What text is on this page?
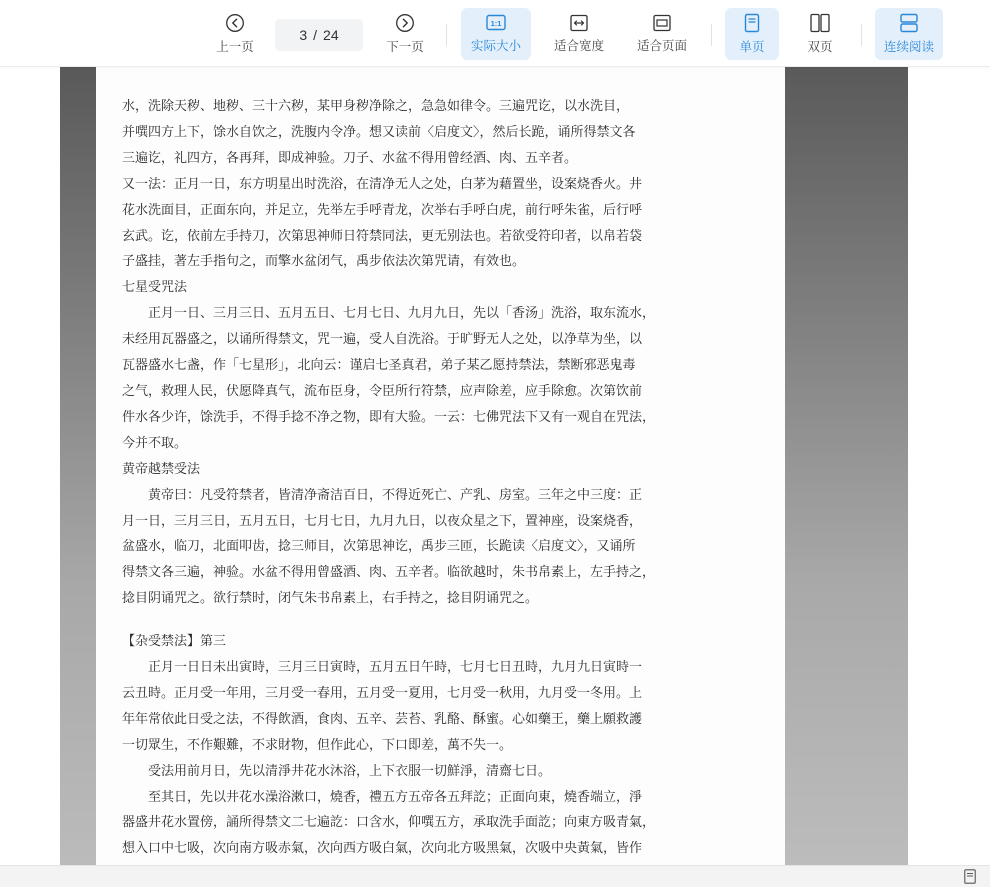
上一页
3 / 24
下一页
1:1
实际大小	适合宽度	适合页面	单页	双页	连续阅读

水，洗除天秽、地秽、三十六秽，某甲身秽净除之，急急如律令。三遍咒讫，以水洗目，

并噀四方上下，馀水自饮之，洗腹内令净。想又读前〈启度文〉，然后长跪，诵所得禁文各

三遍讫，礼四方，各再拜，即成神验。刀子、水盆不得用曾经酒、肉、五辛者。

又一法：正月一日，东方明星出时洗浴，在清净无人之处，白茅为藉置坐，设案烧香火。井

花水洗面目，正面东向，并足立，先举左手呼青龙，次举右手呼白虎，前行呼朱雀，后行呼

玄武。讫，依前左手持刀，次第思神师日符禁同法，更无别法也。若欲受符印者，以帛若袋

子盛挂，著左手指句之，而擎水盆闭气，禹步依法次第咒请，有效也。

七星受咒法

正月一日、三月三日、五月五日、七月七日、九月九日，先以「香汤」洗浴，取东流水，

未经用瓦器盛之，以诵所得禁文，咒一遍，受人自洗浴。于旷野无人之处，以净草为坐，以

瓦器盛水七盏，作「七星形」，北向云：谨启七圣真君，弟子某乙愿持禁法，禁断邪恶鬼毒

之气，救理人民，伏愿降真气，流布臣身，令臣所行符禁，应声除差，应手除愈。次第饮前

件水各少许，馀洗手，不得手捻不净之物，即有大验。一云：七佛咒法下又有一观自在咒法，

今并不取。

黄帝越禁受法

黄帝曰：凡受符禁者，皆清净斋洁百日，不得近死亡、产乳、房室。三年之中三度：正

月一日，三月三日，五月五日，七月七日，九月九日，以夜众星之下，置神座，设案烧香，

盆盛水，临刀，北面叩齿，捻三师目，次第思神讫，禹步三匝，长跪读〈启度文〉，又诵所

得禁文各三遍，神验。水盆不得用曾盛酒、肉、五辛者。临欲越时，朱书帛素上，左手持之，

捻目阴诵咒之。欲行禁时，闭气朱书帛素上，右手持之，捻目阴诵咒之。

【杂受禁法】第三

正月一日日未出寅時，三月三日寅時，五月五日午時，七月七日丑時，九月九日寅時一

云丑時。正月受一年用，三月受一春用，五月受一夏用，七月受一秋用，九月受一冬用。上

年年常依此日受之法，不得飲酒，食肉、五辛、芸苔、乳酪、酥蜜。心如藥王，藥上願救護

一切眾生，不作艱難，不求財物，但作此心，下口即差，萬不失一。

受法用前月日，先以清淨井花水沐浴，上下衣服一切鮮淨，清齋七日。

至其日，先以井花水澡浴漱口，燒香，禮五方五帝各五拜訖；正面向東，燒香端立，淨

器盛井花水置傍，誦所得禁文二七遍訖：口含水，仰噀五方，承取洗手面訖；向東方吸青氣，

想入口中七吸，次向南方吸赤氣，次向西方吸白氣，次向北方吸黑氣，次吸中央黃氣，皆作
